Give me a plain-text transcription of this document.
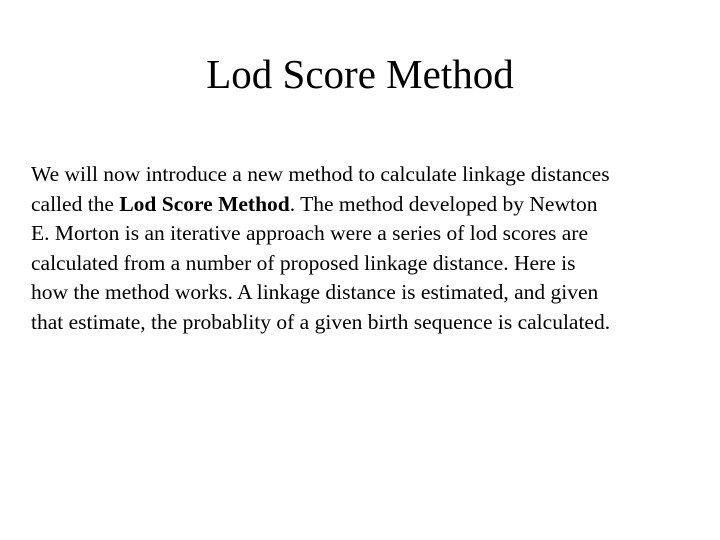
Lod Score Method

We will now introduce a new method to calculate linkage distances
called the Lod Score Method. The method developed by Newton
E. Morton is an iterative approach were a series of lod scores are
calculated from a number of proposed linkage distance. Here is
how the method works. A linkage distance is estimated, and given
that estimate, the probablity of a given birth sequence is calculated.
